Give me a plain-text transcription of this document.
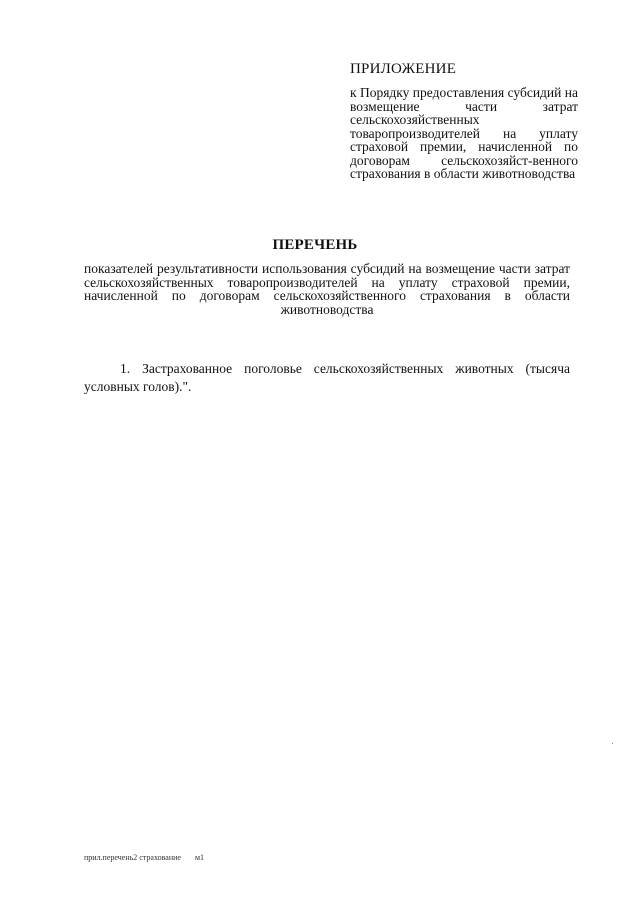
ПРИЛОЖЕНИЕ

к Порядку предоставления субсидий на возмещение части затрат сельскохозяйственных товаропроизводителей на уплату страховой премии, начисленной по договорам сельскохозяйст-венного страхования в области животноводства

ПЕРЕЧЕНЬ

показателей результативности использования субсидий на возмещение части затрат сельскохозяйственных товаропроизводителей на уплату страховой премии, начисленной по договорам сельскохозяйственного страхования в области животноводства

1. Застрахованное поголовье сельскохозяйственных животных (тысяча условных голов).".

прил.перечень2 страхование м1
